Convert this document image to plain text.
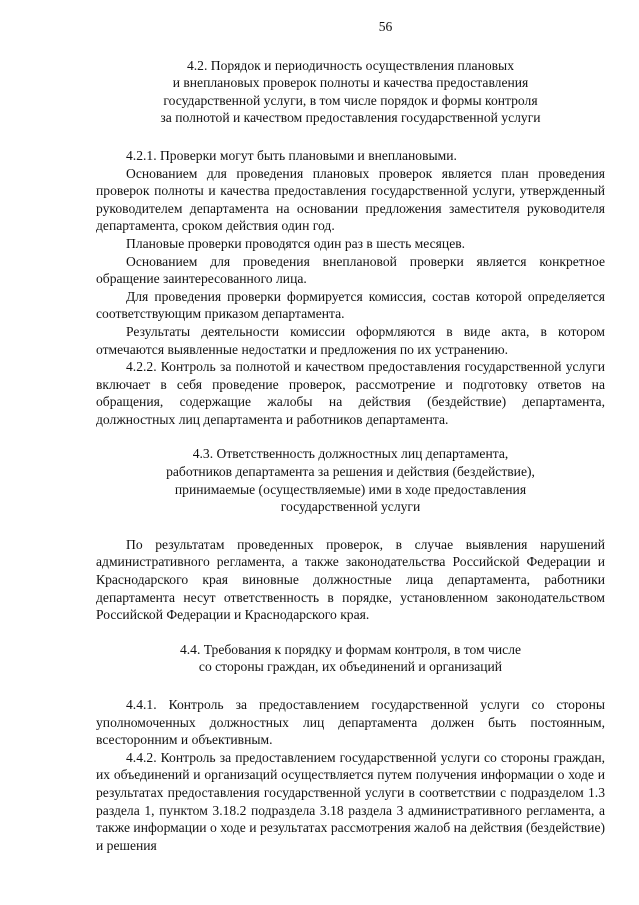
56
4.2. Порядок и периодичность осуществления плановых
и внеплановых проверок полноты и качества предоставления
государственной услуги, в том числе порядок и формы контроля
за полнотой и качеством предоставления государственной услуги

4.2.1. Проверки могут быть плановыми и внеплановыми.

Основанием для проведения плановых проверок является план проведения проверок полноты и качества предоставления государственной услуги, утвержденный руководителем департамента на основании предложения заместителя руководителя департамента, сроком действия один год.

Плановые проверки проводятся один раз в шесть месяцев.

Основанием для проведения внеплановой проверки является конкретное обращение заинтересованного лица.

Для проведения проверки формируется комиссия, состав которой определяется соответствующим приказом департамента.

Результаты деятельности комиссии оформляются в виде акта, в котором отмечаются выявленные недостатки и предложения по их устранению.

4.2.2. Контроль за полнотой и качеством предоставления государственной услуги включает в себя проведение проверок, рассмотрение и подготовку ответов на обращения, содержащие жалобы на действия (бездействие) департамента, должностных лиц департамента и работников департамента.

4.3. Ответственность должностных лиц департамента,
работников департамента за решения и действия (бездействие),
принимаемые (осуществляемые) ими в ходе предоставления
государственной услуги

По результатам проведенных проверок, в случае выявления нарушений административного регламента, а также законодательства Российской Федерации и Краснодарского края виновные должностные лица департамента, работники департамента несут ответственность в порядке, установленном законодательством Российской Федерации и Краснодарского края.

4.4. Требования к порядку и формам контроля, в том числе
со стороны граждан, их объединений и организаций

4.4.1. Контроль за предоставлением государственной услуги со стороны уполномоченных должностных лиц департамента должен быть постоянным, всесторонним и объективным.

4.4.2. Контроль за предоставлением государственной услуги со стороны граждан, их объединений и организаций осуществляется путем получения информации о ходе и результатах предоставления государственной услуги в соответствии с подразделом 1.3 раздела 1, пунктом 3.18.2 подраздела 3.18 раздела 3 административного регламента, а также информации о ходе и результатах рассмотрения жалоб на действия (бездействие) и решения
